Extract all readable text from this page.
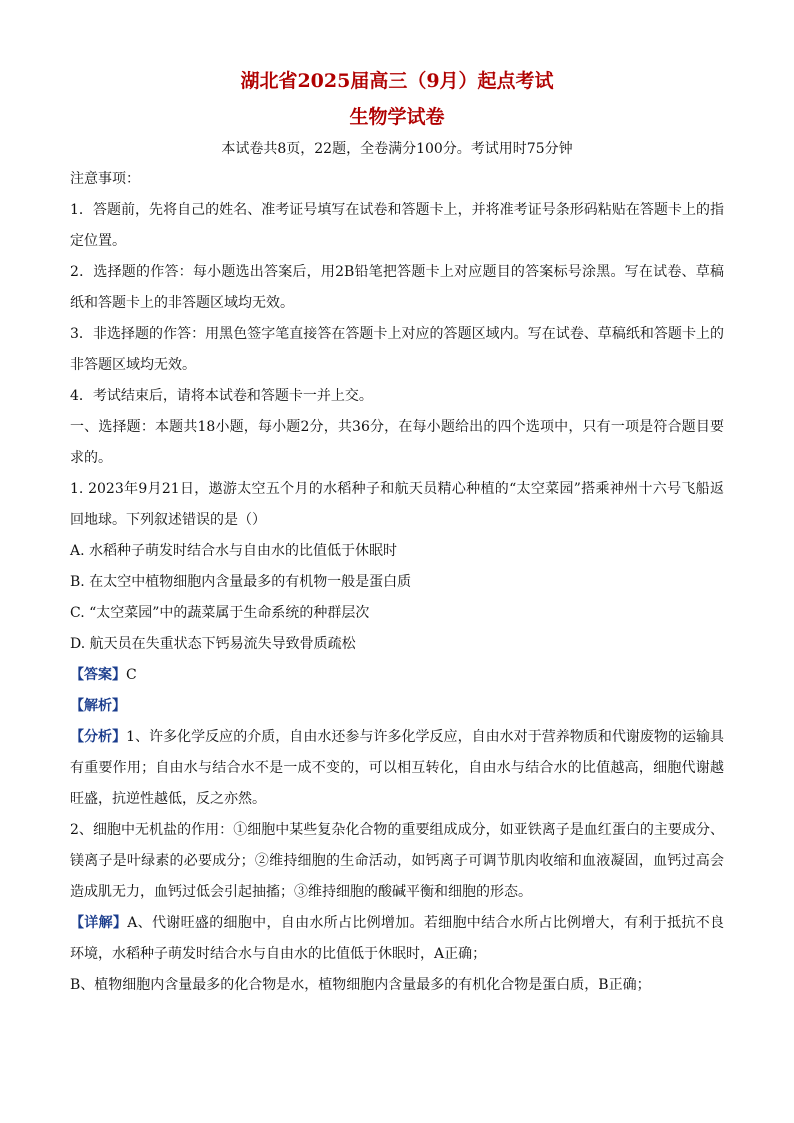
湖北省2025届高三（9月）起点考试
生物学试卷
本试卷共8页，22题，全卷满分100分。考试用时75分钟

注意事项：

1．答题前，先将自己的姓名、准考证号填写在试卷和答题卡上，并将准考证号条形码粘贴在答题卡上的指定位置。

2．选择题的作答：每小题选出答案后，用2B铅笔把答题卡上对应题目的答案标号涂黑。写在试卷、草稿纸和答题卡上的非答题区域均无效。

3．非选择题的作答：用黑色签字笔直接答在答题卡上对应的答题区域内。写在试卷、草稿纸和答题卡上的非答题区域均无效。

4．考试结束后，请将本试卷和答题卡一并上交。

一、选择题：本题共18小题，每小题2分，共36分，在每小题给出的四个选项中，只有一项是符合题目要求的。

1. 2023年9月21日，遨游太空五个月的水稻种子和航天员精心种植的“太空菜园”搭乘神州十六号飞船返回地球。下列叙述错误的是（）

A. 水稻种子萌发时结合水与自由水的比值低于休眠时

B. 在太空中植物细胞内含量最多的有机物一般是蛋白质

C. “太空菜园”中的蔬菜属于生命系统的种群层次

D. 航天员在失重状态下钙易流失导致骨质疏松

【答案】C

【解析】

【分析】1、许多化学反应的介质，自由水还参与许多化学反应，自由水对于营养物质和代谢废物的运输具有重要作用；自由水与结合水不是一成不变的，可以相互转化，自由水与结合水的比值越高，细胞代谢越旺盛，抗逆性越低，反之亦然。

2、细胞中无机盐的作用：①细胞中某些复杂化合物的重要组成成分，如亚铁离子是血红蛋白的主要成分、镁离子是叶绿素的必要成分；②维持细胞的生命活动，如钙离子可调节肌肉收缩和血液凝固，血钙过高会造成肌无力，血钙过低会引起抽搐；③维持细胞的酸碱平衡和细胞的形态。

【详解】A、代谢旺盛的细胞中，自由水所占比例增加。若细胞中结合水所占比例增大，有利于抵抗不良环境，水稻种子萌发时结合水与自由水的比值低于休眠时，A正确；

B、植物细胞内含量最多的化合物是水，植物细胞内含量最多的有机化合物是蛋白质，B正确；
